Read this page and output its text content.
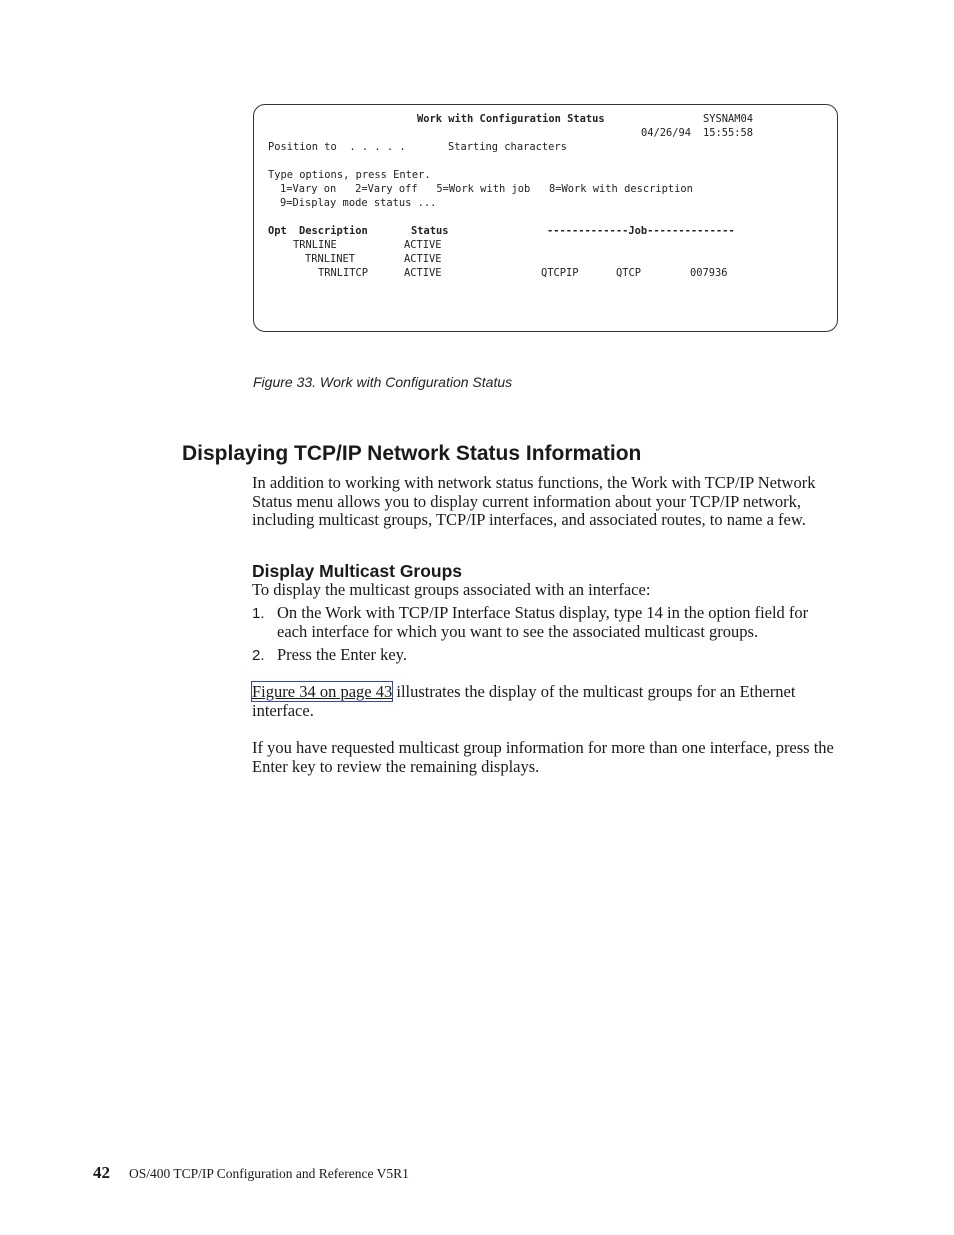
Work with Configuration Status	SYSNAM04
04/26/94 15:55:58
Position to  . . . . .	Starting characters
Type options, press Enter.
1=Vary on   2=Vary off   5=Work with job   8=Work with description
9=Display mode status ...
Opt Description	Status	-------------Job--------------
TRNLINE	ACTIVE
TRNLINET	ACTIVE
TRNLITCP	ACTIVE	QTCPIP	QTCP	007936

Figure 33. Work with Configuration Status

Displaying TCP/IP Network Status Information

In addition to working with network status functions, the Work with TCP/IP Network Status menu allows you to display current information about your TCP/IP network, including multicast groups, TCP/IP interfaces, and associated routes, to name a few.

Display Multicast Groups

To display the multicast groups associated with an interface:

1. On the Work with TCP/IP Interface Status display, type 14 in the option field for each interface for which you want to see the associated multicast groups.

2. Press the Enter key.

Figure 34 on page 43 illustrates the display of the multicast groups for an Ethernet interface.

If you have requested multicast group information for more than one interface, press the Enter key to review the remaining displays.

42 OS/400 TCP/IP Configuration and Reference V5R1
